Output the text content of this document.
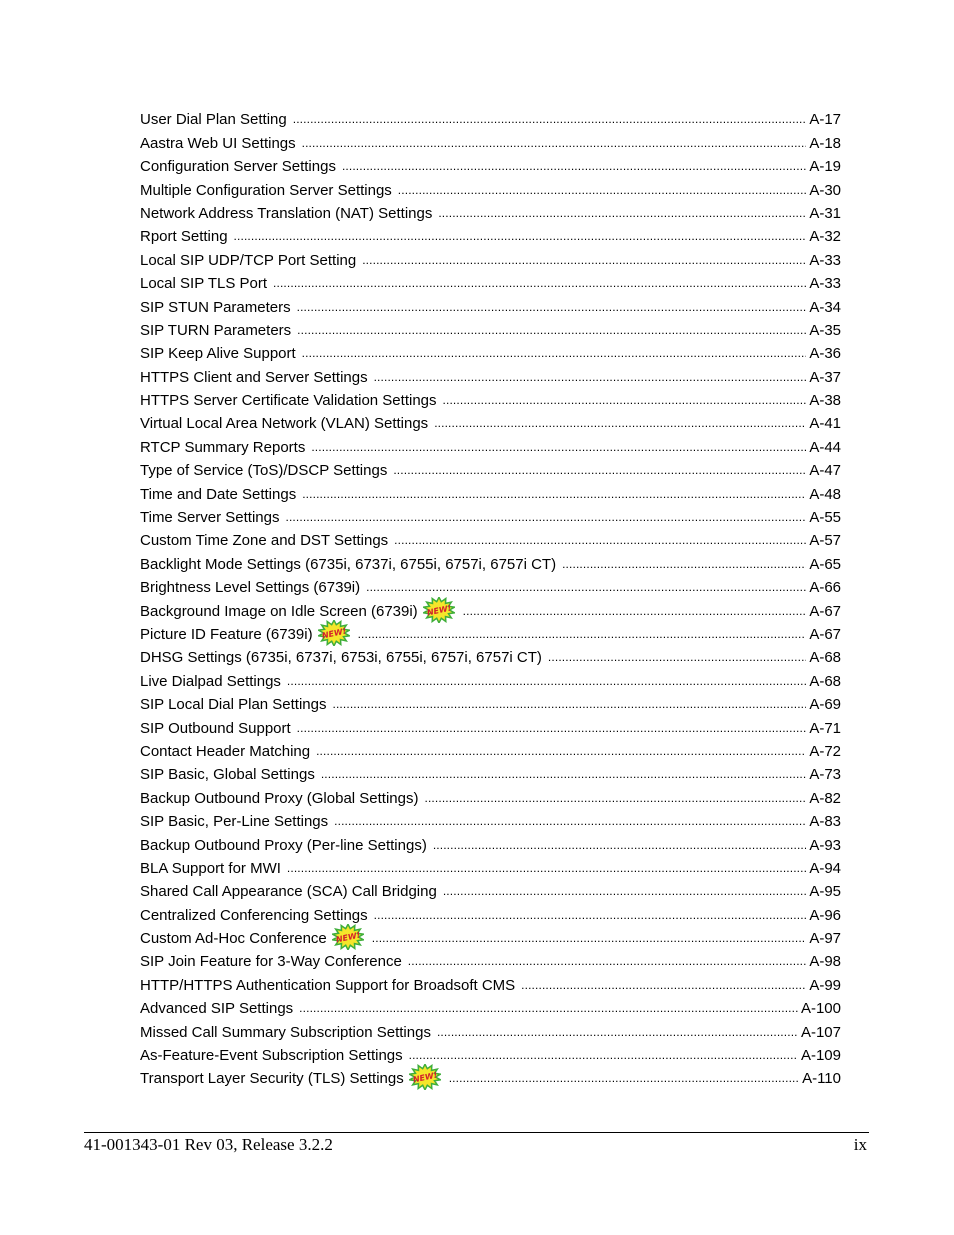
User Dial Plan Setting . . .	A-17
Aastra Web UI Settings . . .	A-18
Configuration Server Settings . . .	A-19
Multiple Configuration Server Settings . . .	A-30
Network Address Translation (NAT) Settings . . .	A-31
Rport Setting . . .	A-32
Local SIP UDP/TCP Port Setting . . .	A-33
Local SIP TLS Port . . .	A-33
SIP STUN Parameters . . .	A-34
SIP TURN Parameters . . .	A-35
SIP Keep Alive Support . . .	A-36
HTTPS Client and Server Settings . . .	A-37
HTTPS Server Certificate Validation Settings . . .	A-38
Virtual Local Area Network (VLAN) Settings . . .	A-41
RTCP Summary Reports . . .	A-44
Type of Service (ToS)/DSCP Settings . . .	A-47
Time and Date Settings . . .	A-48
Time Server Settings . . .	A-55
Custom Time Zone and DST Settings . . .	A-57
Backlight Mode Settings (6735i, 6737i, 6755i, 6757i, 6757i CT) . . .	A-65
Brightness Level Settings (6739i) . . .	A-66
Background Image on Idle Screen (6739i) NEW! . . .	A-67
Picture ID Feature (6739i) NEW! . . .	A-67
DHSG Settings (6735i, 6737i, 6753i, 6755i, 6757i, 6757i CT) . . .	A-68
Live Dialpad Settings . . .	A-68
SIP Local Dial Plan Settings . . .	A-69
SIP Outbound Support . . .	A-71
Contact Header Matching . . .	A-72
SIP Basic, Global Settings . . .	A-73
Backup Outbound Proxy (Global Settings) . . .	A-82
SIP Basic, Per-Line Settings . . .	A-83
Backup Outbound Proxy (Per-line Settings) . . .	A-93
BLA Support for MWI . . .	A-94
Shared Call Appearance (SCA) Call Bridging . . .	A-95
Centralized Conferencing Settings . . .	A-96
Custom Ad-Hoc Conference NEW! . . .	A-97
SIP Join Feature for 3-Way Conference . . .	A-98
HTTP/HTTPS Authentication Support for Broadsoft CMS . . .	A-99
Advanced SIP Settings . . .	A-100
Missed Call Summary Subscription Settings . . .	A-107
As-Feature-Event Subscription Settings . . .	A-109
Transport Layer Security (TLS) Settings NEW! . . .	A-110
41-001343-01 Rev 03, Release 3.2.2	ix
